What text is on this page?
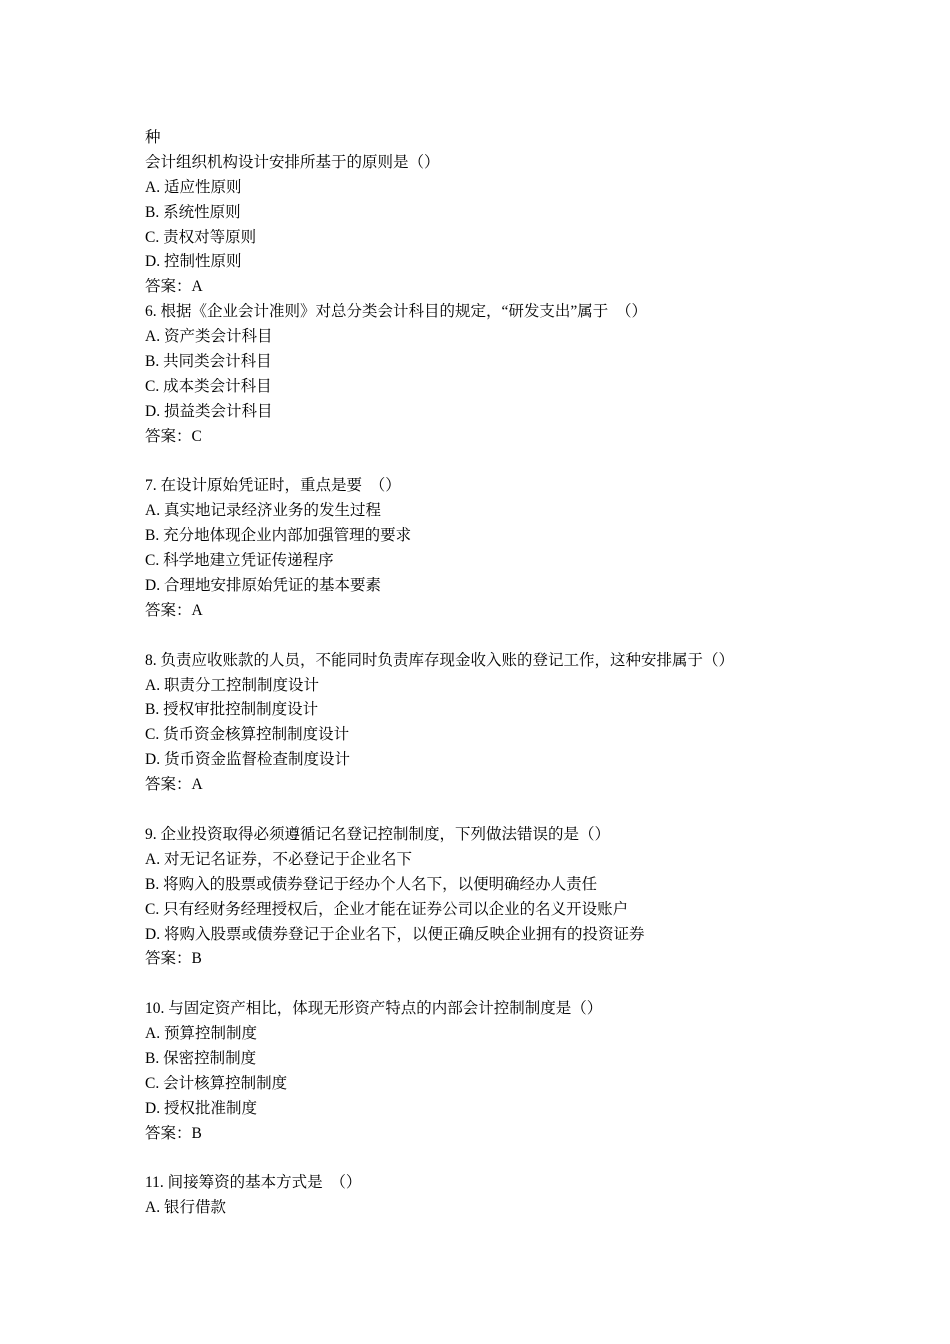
种
会计组织机构设计安排所基于的原则是（）
A. 适应性原则
B. 系统性原则
C. 责权对等原则
D. 控制性原则
答案：A
6. 根据《企业会计准则》对总分类会计科目的规定，“研发支出”属于  （）
A. 资产类会计科目
B. 共同类会计科目
C. 成本类会计科目
D. 损益类会计科目
答案：C
7. 在设计原始凭证时，重点是要  （）
A. 真实地记录经济业务的发生过程
B. 充分地体现企业内部加强管理的要求
C. 科学地建立凭证传递程序
D. 合理地安排原始凭证的基本要素
答案：A
8. 负责应收账款的人员，不能同时负责库存现金收入账的登记工作，这种安排属于（）
A. 职责分工控制制度设计
B. 授权审批控制制度设计
C. 货币资金核算控制制度设计
D. 货币资金监督检查制度设计
答案：A
9. 企业投资取得必须遵循记名登记控制制度，下列做法错误的是（）
A. 对无记名证券，不必登记于企业名下
B. 将购入的股票或债券登记于经办个人名下，以便明确经办人责任
C. 只有经财务经理授权后，企业才能在证券公司以企业的名义开设账户
D. 将购入股票或债券登记于企业名下，以便正确反映企业拥有的投资证券
答案：B
10. 与固定资产相比，体现无形资产特点的内部会计控制制度是（）
A. 预算控制制度
B. 保密控制制度
C. 会计核算控制制度
D. 授权批准制度
答案：B
11. 间接筹资的基本方式是  （）
A. 银行借款
